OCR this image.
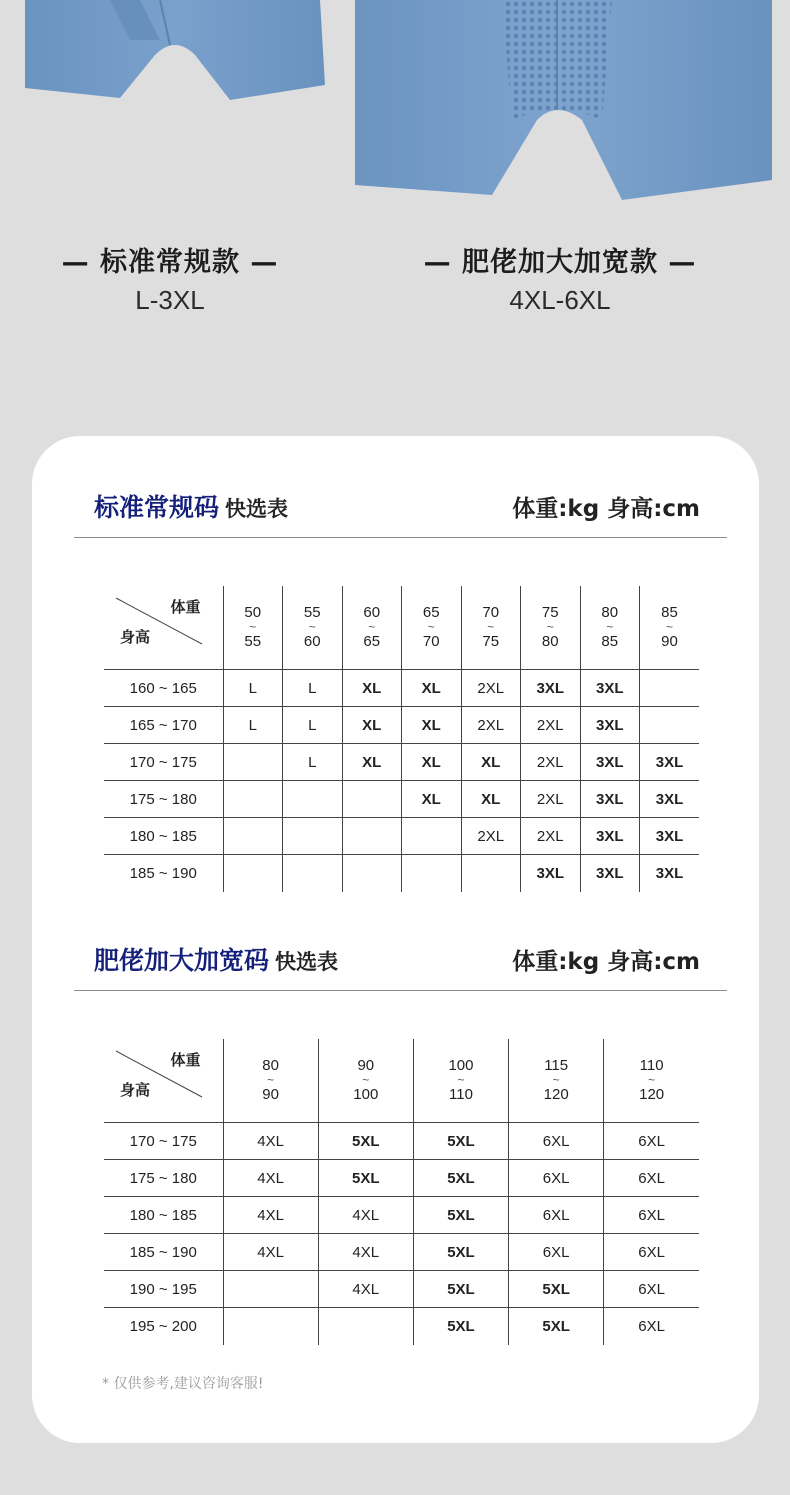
— 标准常规款 —
L-3XL
— 肥佬加大加宽款 —
4XL-6XL
标准常规码 快选表	体重:kg 身高:cm
体重
身高	50
~
55	55
~
60	60
~
65	65
~
70	70
~
75	75
~
80	80
~
85	85
~
90

160 ~ 165	L	L	XL	XL	2XL	3XL	3XL	
165 ~ 170	L	L	XL	XL	2XL	2XL	3XL	
170 ~ 175		L	XL	XL	XL	2XL	3XL	3XL
175 ~ 180				XL	XL	2XL	3XL	3XL
180 ~ 185					2XL	2XL	3XL	3XL
185 ~ 190						3XL	3XL	3XL
肥佬加大加宽码 快选表	体重:kg 身高:cm
体重
身高	80
~
90	90
~
100	100
~
110	115
~
120	110
~
120

170 ~ 175	4XL	5XL	5XL	6XL	6XL
175 ~ 180	4XL	5XL	5XL	6XL	6XL
180 ~ 185	4XL	4XL	5XL	6XL	6XL
185 ~ 190	4XL	4XL	5XL	6XL	6XL
190 ~ 195		4XL	5XL	5XL	6XL
195 ~ 200			5XL	5XL	6XL
* 仅供参考,建议咨询客服!
